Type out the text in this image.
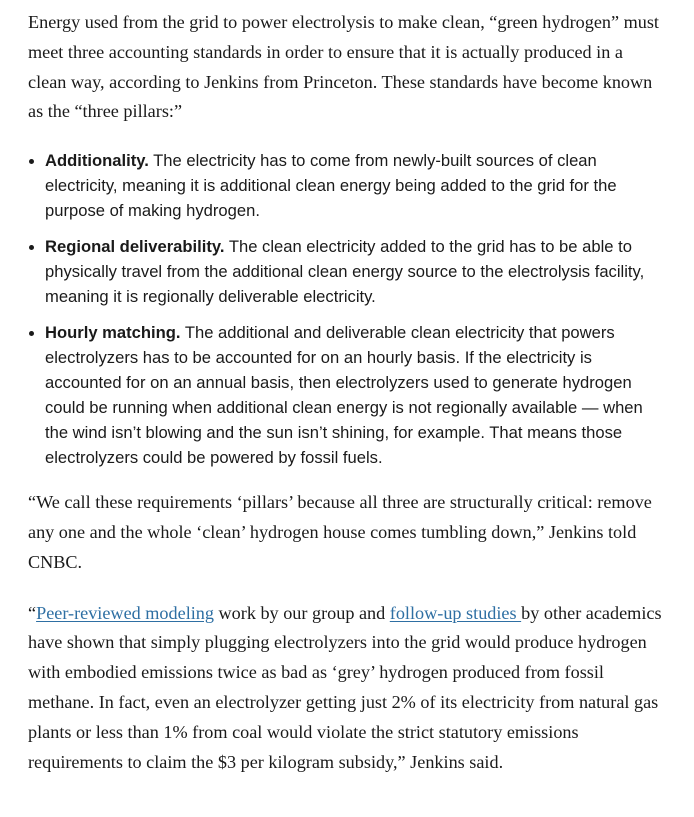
Energy used from the grid to power electrolysis to make clean, “green hydrogen” must meet three accounting standards in order to ensure that it is actually produced in a clean way, according to Jenkins from Princeton. These standards have become known as the “three pillars:”

Additionality. The electricity has to come from newly-built sources of clean electricity, meaning it is additional clean energy being added to the grid for the purpose of making hydrogen.
Regional deliverability. The clean electricity added to the grid has to be able to physically travel from the additional clean energy source to the electrolysis facility, meaning it is regionally deliverable electricity.
Hourly matching. The additional and deliverable clean electricity that powers electrolyzers has to be accounted for on an hourly basis. If the electricity is accounted for on an annual basis, then electrolyzers used to generate hydrogen could be running when additional clean energy is not regionally available — when the wind isn’t blowing and the sun isn’t shining, for example. That means those electrolyzers could be powered by fossil fuels.

“We call these requirements ‘pillars’ because all three are structurally critical: remove any one and the whole ‘clean’ hydrogen house comes tumbling down,” Jenkins told CNBC.

“Peer-reviewed modeling work by our group and follow-up studies by other academics have shown that simply plugging electrolyzers into the grid would produce hydrogen with embodied emissions twice as bad as ‘grey’ hydrogen produced from fossil methane. In fact, even an electrolyzer getting just 2% of its electricity from natural gas plants or less than 1% from coal would violate the strict statutory emissions requirements to claim the $3 per kilogram subsidy,” Jenkins said.
